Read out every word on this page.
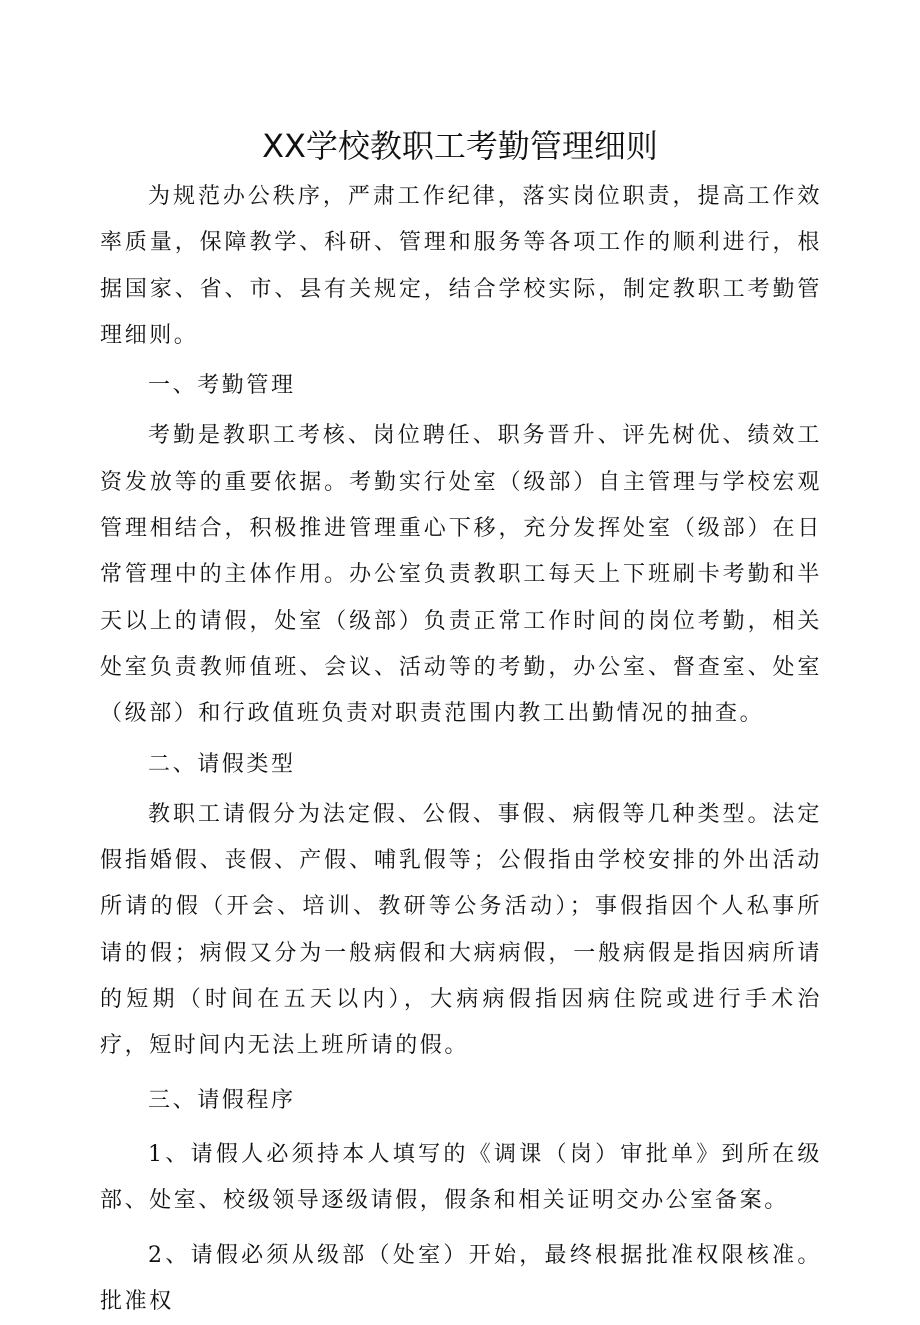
XX学校教职工考勤管理细则

为规范办公秩序，严肃工作纪律，落实岗位职责，提高工作效率质量，保障教学、科研、管理和服务等各项工作的顺利进行，根据国家、省、市、县有关规定，结合学校实际，制定教职工考勤管理细则。

一、考勤管理

考勤是教职工考核、岗位聘任、职务晋升、评先树优、绩效工资发放等的重要依据。考勤实行处室（级部）自主管理与学校宏观管理相结合，积极推进管理重心下移，充分发挥处室（级部）在日常管理中的主体作用。办公室负责教职工每天上下班刷卡考勤和半天以上的请假，处室（级部）负责正常工作时间的岗位考勤，相关处室负责教师值班、会议、活动等的考勤，办公室、督查室、处室（级部）和行政值班负责对职责范围内教工出勤情况的抽查。

二、请假类型

教职工请假分为法定假、公假、事假、病假等几种类型。法定假指婚假、丧假、产假、哺乳假等；公假指由学校安排的外出活动所请的假（开会、培训、教研等公务活动）；事假指因个人私事所请的假；病假又分为一般病假和大病病假，一般病假是指因病所请的短期（时间在五天以内），大病病假指因病住院或进行手术治疗，短时间内无法上班所请的假。

三、请假程序

1、请假人必须持本人填写的《调课（岗）审批单》到所在级部、处室、校级领导逐级请假，假条和相关证明交办公室备案。

2、请假必须从级部（处室）开始，最终根据批准权限核准。批准权
